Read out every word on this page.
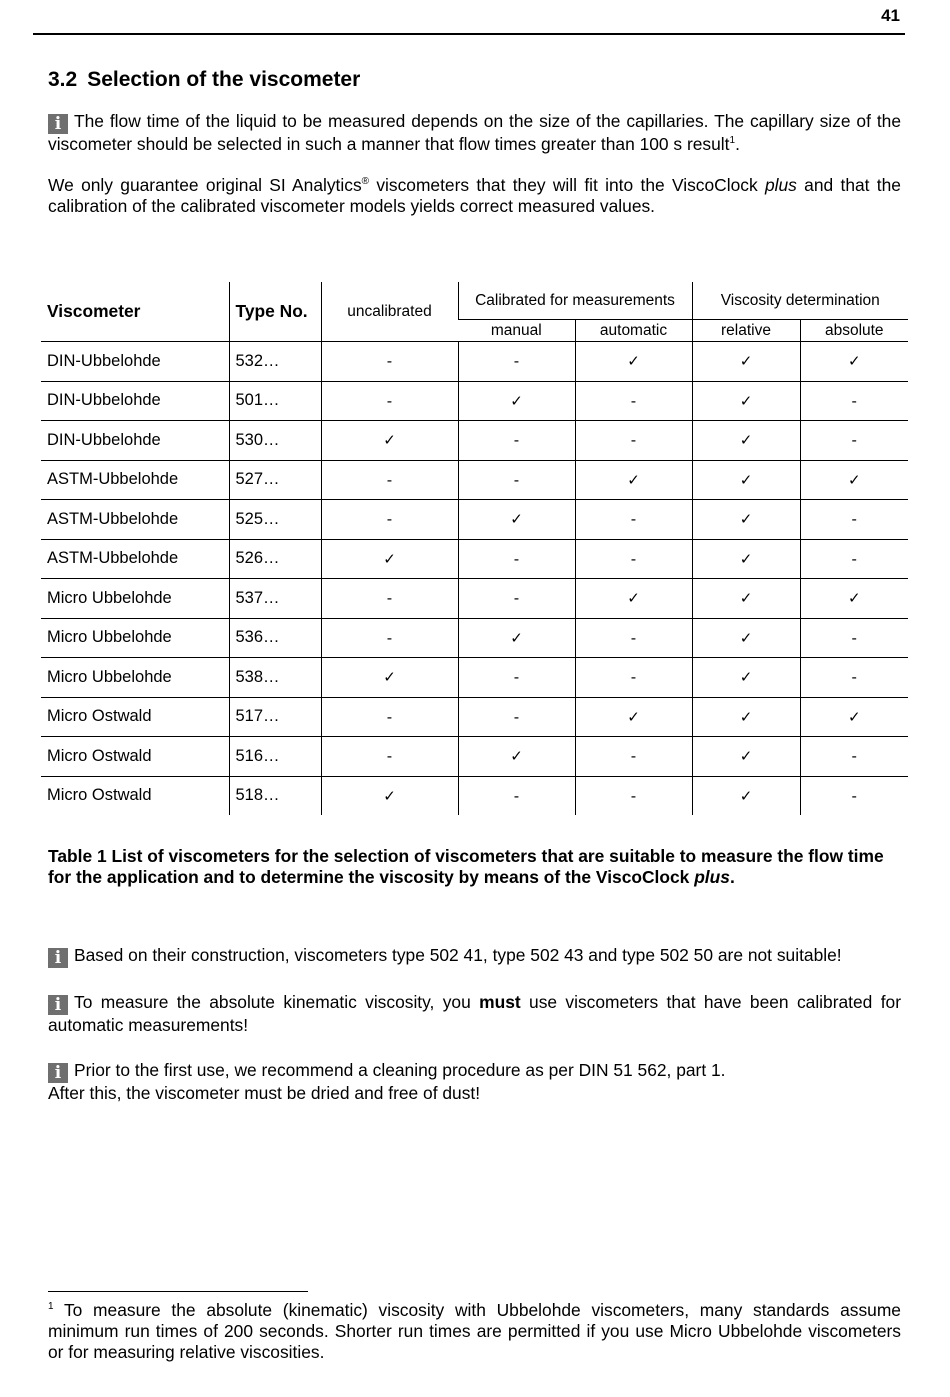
41
3.2 Selection of the viscometer

i The flow time of the liquid to be measured depends on the size of the capillaries. The capillary size of the viscometer should be selected in such a manner that flow times greater than 100 s result$^1$.

We only guarantee original SI Analytics® viscometers that they will fit into the ViscoClock plus and that the calibration of the calibrated viscometer models yields correct measured values.

Viscometer	Type No.	uncalibrated	Calibrated for measurements		Viscosity determination	
			manual	automatic	relative	absolute
DIN-Ubbelohde	532…	-	-	✓	✓	✓
DIN-Ubbelohde	501…	-	✓	-	✓	-
DIN-Ubbelohde	530…	✓	-	-	✓	-
ASTM-Ubbelohde	527…	-	-	✓	✓	✓
ASTM-Ubbelohde	525…	-	✓	-	✓	-
ASTM-Ubbelohde	526…	✓	-	-	✓	-
Micro Ubbelohde	537…	-	-	✓	✓	✓
Micro Ubbelohde	536…	-	✓	-	✓	-
Micro Ubbelohde	538…	✓	-	-	✓	-
Micro Ostwald	517…	-	-	✓	✓	✓
Micro Ostwald	516…	-	✓	-	✓	-
Micro Ostwald	518…	✓	-	-	✓	-

Table 1 List of viscometers for the selection of viscometers that are suitable to measure the flow time for the application and to determine the viscosity by means of the ViscoClock plus.

i Based on their construction, viscometers type 502 41, type 502 43 and type 502 50 are not suitable!

i To measure the absolute kinematic viscosity, you must use viscometers that have been calibrated for automatic measurements!

i Prior to the first use, we recommend a cleaning procedure as per DIN 51 562, part 1.
After this, the viscometer must be dried and free of dust!

$^1$ To measure the absolute (kinematic) viscosity with Ubbelohde viscometers, many standards assume minimum run times of 200 seconds. Shorter run times are permitted if you use Micro Ubbelohde viscometers or for measuring relative viscosities.
